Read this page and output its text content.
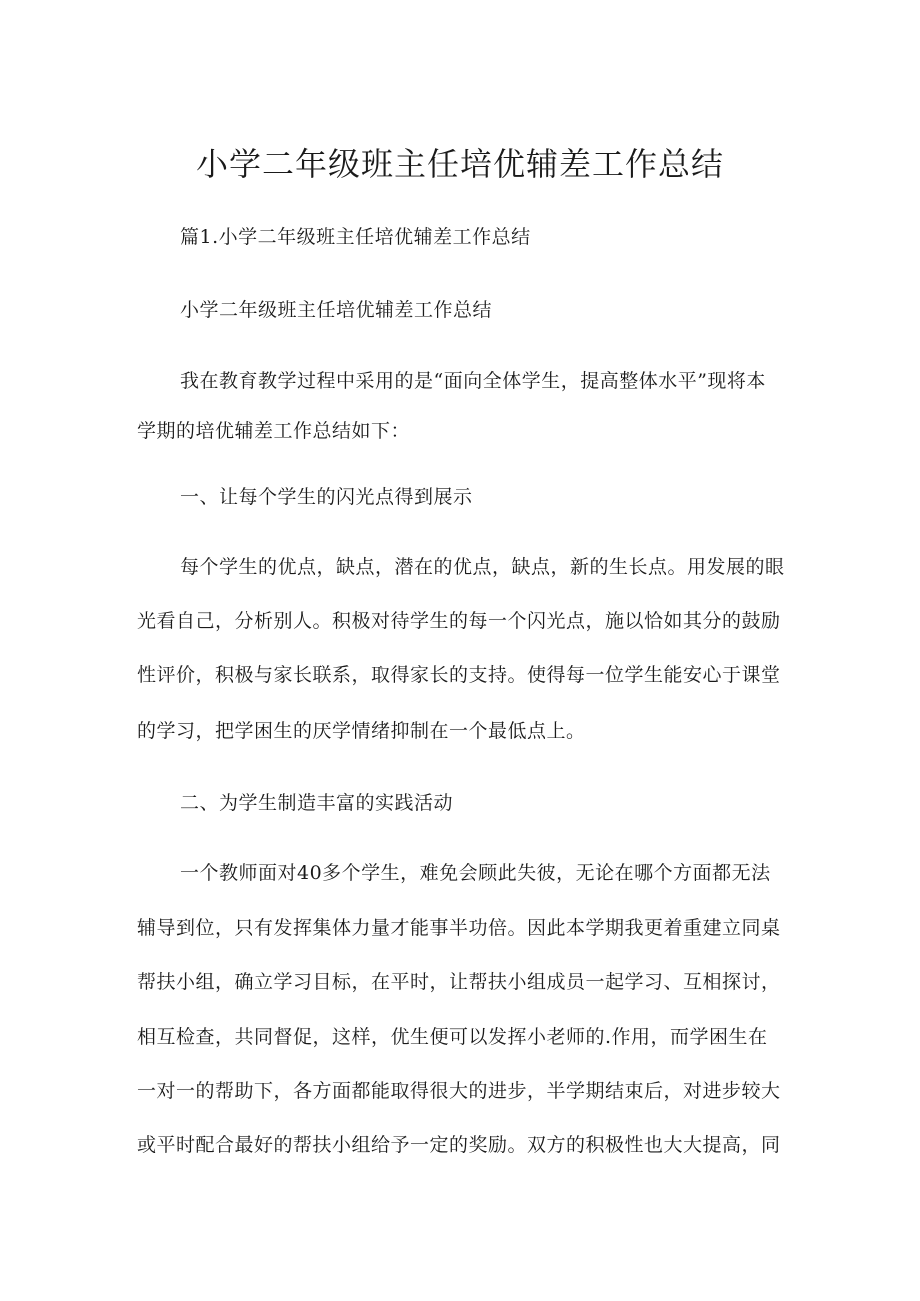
小学二年级班主任培优辅差工作总结

篇1.小学二年级班主任培优辅差工作总结

小学二年级班主任培优辅差工作总结

我在教育教学过程中采用的是“面向全体学生，提高整体水平”现将本

学期的培优辅差工作总结如下：

一、让每个学生的闪光点得到展示

每个学生的优点，缺点，潜在的优点，缺点，新的生长点。用发展的眼

光看自己，分析别人。积极对待学生的每一个闪光点，施以恰如其分的鼓励

性评价，积极与家长联系，取得家长的支持。使得每一位学生能安心于课堂

的学习，把学困生的厌学情绪抑制在一个最低点上。

二、为学生制造丰富的实践活动

一个教师面对40多个学生，难免会顾此失彼，无论在哪个方面都无法

辅导到位，只有发挥集体力量才能事半功倍。因此本学期我更着重建立同桌

帮扶小组，确立学习目标，在平时，让帮扶小组成员一起学习、互相探讨，

相互检查，共同督促，这样，优生便可以发挥小老师的.作用，而学困生在

一对一的帮助下，各方面都能取得很大的进步，半学期结束后，对进步较大

或平时配合最好的帮扶小组给予一定的奖励。双方的积极性也大大提高，同
